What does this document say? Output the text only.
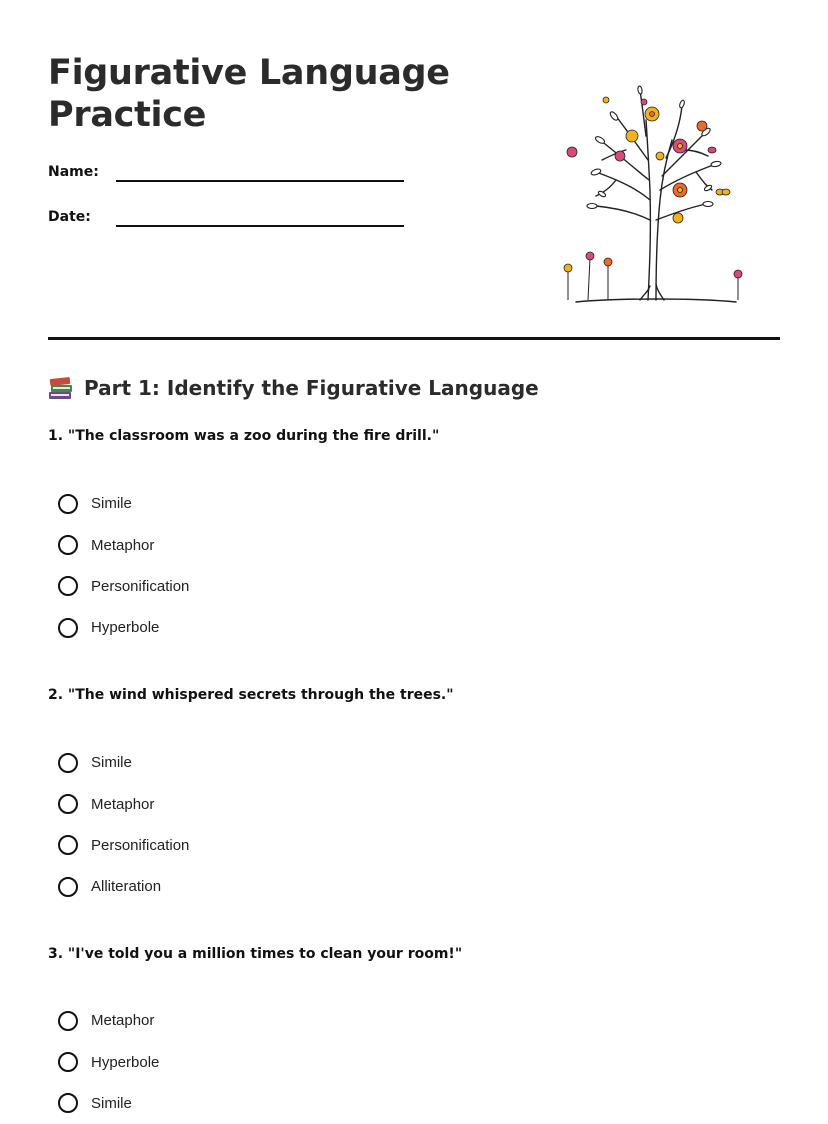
Figurative Language Practice
Name:
Date:
Part 1: Identify the Figurative Language
1. "The classroom was a zoo during the fire drill."
Simile
Metaphor
Personification
Hyperbole
2. "The wind whispered secrets through the trees."
Simile
Metaphor
Personification
Alliteration
3. "I've told you a million times to clean your room!"
Metaphor
Hyperbole
Simile
